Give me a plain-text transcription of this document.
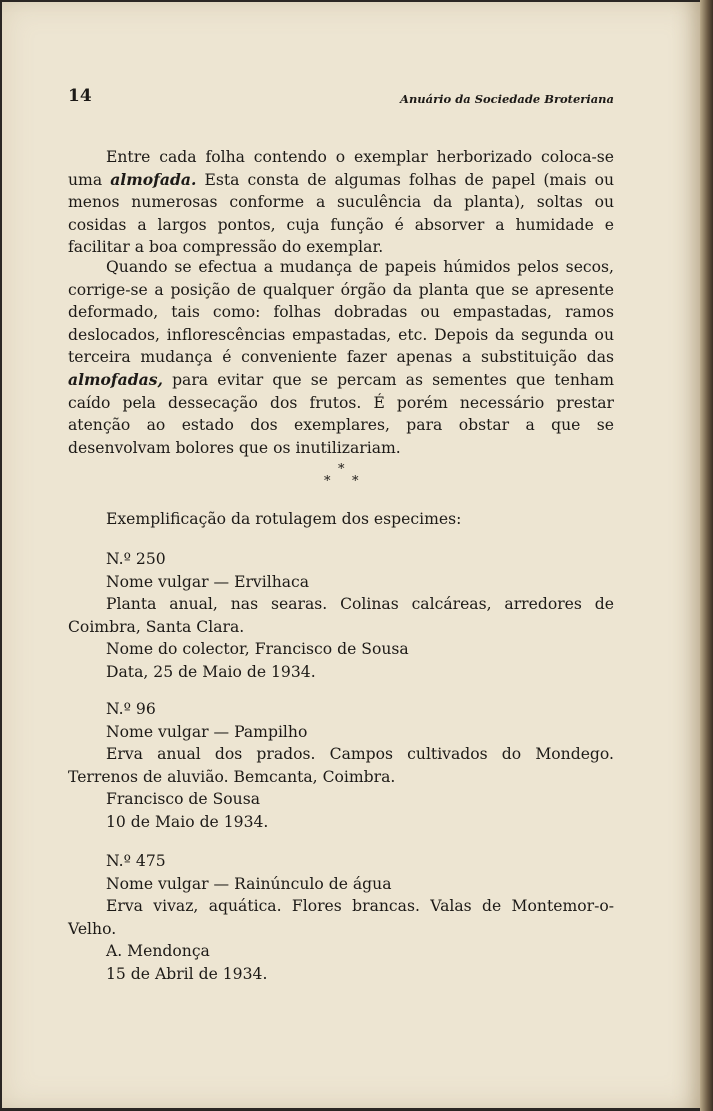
14	Anuário da Sociedade Broteriana

Entre cada folha contendo o exemplar herborizado coloca-se uma almofada. Esta consta de algumas folhas de papel (mais ou menos numerosas conforme a suculência da planta), soltas ou cosidas a largos pontos, cuja função é absorver a humidade e facilitar a boa compressão do exemplar.

Quando se efectua a mudança de papeis húmidos pelos secos, corrige-se a posição de qualquer órgão da planta que se apresente deformado, tais como: folhas dobradas ou empastadas, ramos deslocados, inflorescências empastadas, etc. Depois da segunda ou terceira mudança é conveniente fazer apenas a substituição das almofadas, para evitar que se percam as sementes que tenham caído pela dessecação dos frutos. É porém necessário prestar atenção ao estado dos exemplares, para obstar a que se desenvolvam bolores que os inutilizariam.

*
* *
Exemplificação da rotulagem dos especimes:
N.º 250
Nome vulgar — Ervilhaca
Planta anual, nas searas. Colinas calcáreas, arredores de Coimbra, Santa Clara.
Nome do colector, Francisco de Sousa
Data, 25 de Maio de 1934.
N.º 96
Nome vulgar — Pampilho
Erva anual dos prados. Campos cultivados do Mondego. Terrenos de aluvião. Bemcanta, Coimbra.
Francisco de Sousa
10 de Maio de 1934.
N.º 475
Nome vulgar — Rainúnculo de água
Erva vivaz, aquática. Flores brancas. Valas de Montemor-o-Velho.
A. Mendonça
15 de Abril de 1934.
